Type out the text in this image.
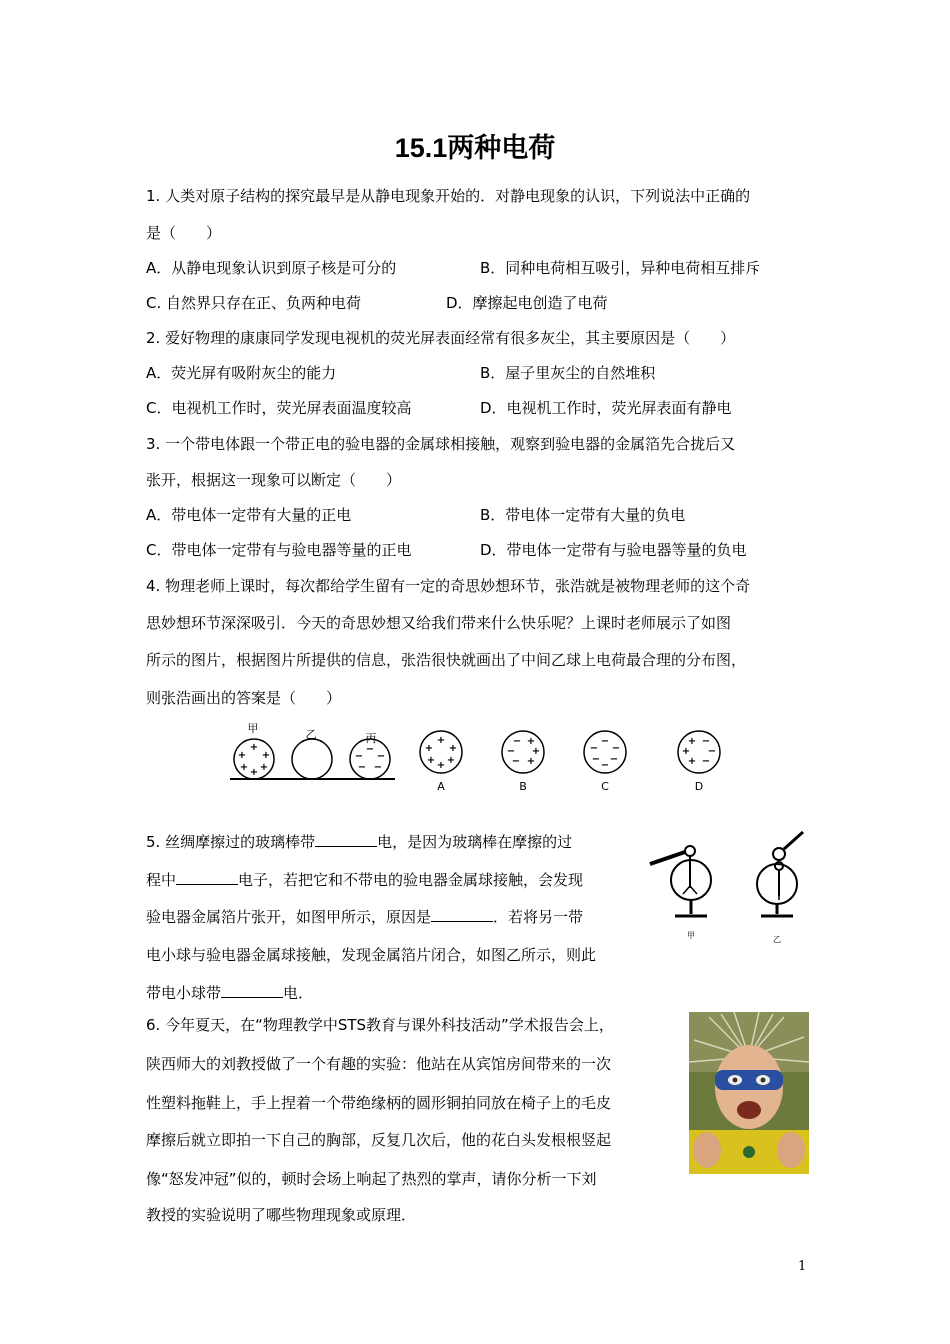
15.1两种电荷
1. 人类对原子结构的探究最早是从静电现象开始的．对静电现象的认识，下列说法中正确的
是（　　）
A．从静电现象认识到原子核是可分的	B．同种电荷相互吸引，异种电荷相互排斥
C. 自然界只存在正、负两种电荷	D．摩擦起电创造了电荷
2. 爱好物理的康康同学发现电视机的荧光屏表面经常有很多灰尘，其主要原因是（　　）
A．荧光屏有吸附灰尘的能力	B．屋子里灰尘的自然堆积
C．电视机工作时，荧光屏表面温度较高	D．电视机工作时，荧光屏表面有静电
3. 一个带电体跟一个带正电的验电器的金属球相接触，观察到验电器的金属箔先合拢后又
张开，根据这一现象可以断定（　　）
A．带电体一定带有大量的正电	B．带电体一定带有大量的负电
C．带电体一定带有与验电器等量的正电	D．带电体一定带有与验电器等量的负电
4. 物理老师上课时，每次都给学生留有一定的奇思妙想环节，张浩就是被物理老师的这个奇
思妙想环节深深吸引．今天的奇思妙想又给我们带来什么快乐呢？上课时老师展示了如图
所示的图片，根据图片所提供的信息，张浩很快就画出了中间乙球上电荷最合理的分布图，
则张浩画出的答案是（　　）
甲	乙	丙
A	B	C	D
+
+ +
+ +
+
−
− −
− −
+
+ +
+ +
+
−
−
−
+
+
+
−
− −
− −
−
+
+
+
−
−
−
5. 丝绸摩擦过的玻璃棒带	电，是因为玻璃棒在摩擦的过
程中	电子，若把它和不带电的验电器金属球接触，会发现
验电器金属箔片张开，如图甲所示，原因是	．若将另一带
电小球与验电器金属球接触，发现金属箔片闭合，如图乙所示，则此
带电小球带	电．
甲	乙
6. 今年夏天，在“物理教学中STS教育与课外科技活动”学术报告会上，
陕西师大的刘教授做了一个有趣的实验：他站在从宾馆房间带来的一次
性塑料拖鞋上，手上捏着一个带绝缘柄的圆形铜拍同放在椅子上的毛皮
摩擦后就立即拍一下自己的胸部，反复几次后，他的花白头发根根竖起
像“怒发冲冠”似的，顿时会场上响起了热烈的掌声，请你分析一下刘
教授的实验说明了哪些物理现象或原理．
1
